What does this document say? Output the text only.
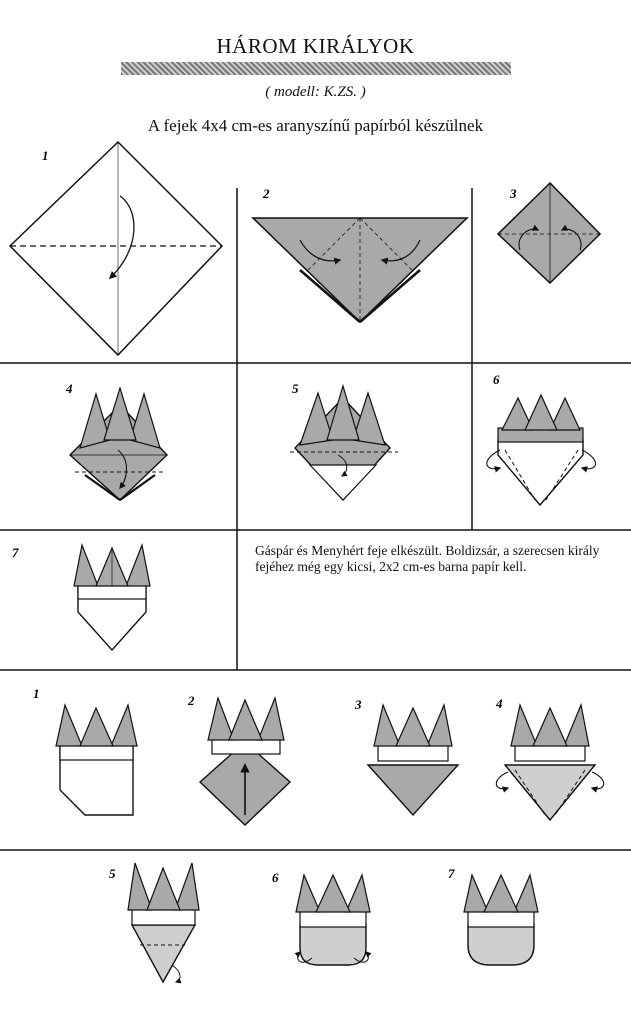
HÁROM KIRÁLYOK
( modell: K.ZS. )
A fejek 4x4 cm-es aranyszínű papírból készülnek
Gáspár és Menyhért feje elkészült. Boldizsár, a szerecsen király fejéhez még egy kicsi, 2x2 cm-es barna papír kell.
1
2	3
4	5
6
7
1	2	3	4
5	6	7
